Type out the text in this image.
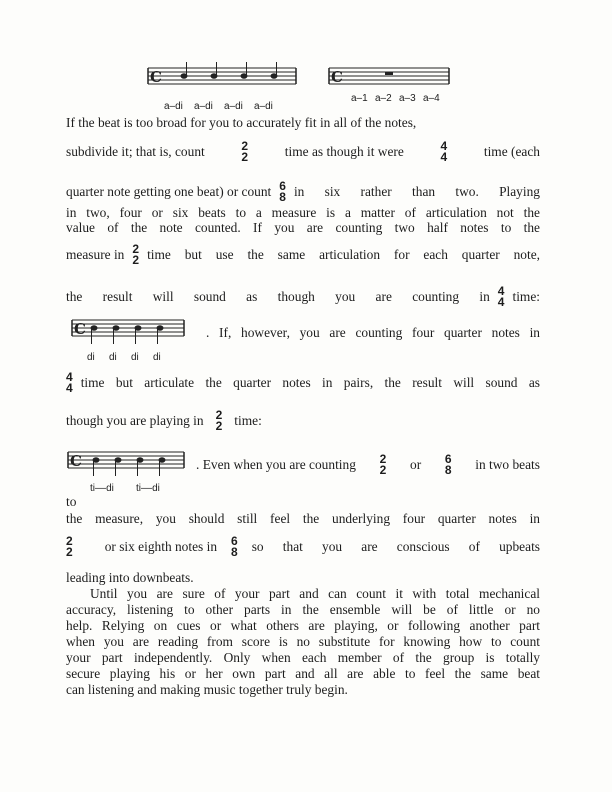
C
a–di a–di a–di a–di
C
a–1 a–2 a–3 a–4
If the beat is too broad for you to accurately fit in all of the notes,
subdivide it; that is, count	2
2	time as though it were	4
4	time (each
quarter note getting one beat) or count 6
8 in six rather than two. Playing
in two, four or six beats to a measure is a matter of articulation not the
value of the note counted. If you are counting two half notes to the
measure in 2
2 time but use the same articulation for each quarter note,
the result will sound as though you are counting in 4
4 time:
C
di di di di
. If, however, you are counting four quarter notes in
4
4 time but articulate the quarter notes in pairs, the result will sound as
though you are playing in 2
2 time:
C
ti––di ti––di
. Even when you are counting 2
2 or 6
8 in two beats
to
the measure, you should still feel the underlying four quarter notes in
2
2 or six eighth notes in 6
8 so that you are conscious of upbeats
leading into downbeats.
Until you are sure of your part and can count it with total mechanical
accuracy, listening to other parts in the ensemble will be of little or no
help. Relying on cues or what others are playing, or following another part
when you are reading from score is no substitute for knowing how to count
your part independently. Only when each member of the group is totally
secure playing his or her own part and all are able to feel the same beat
can listening and making music together truly begin.
